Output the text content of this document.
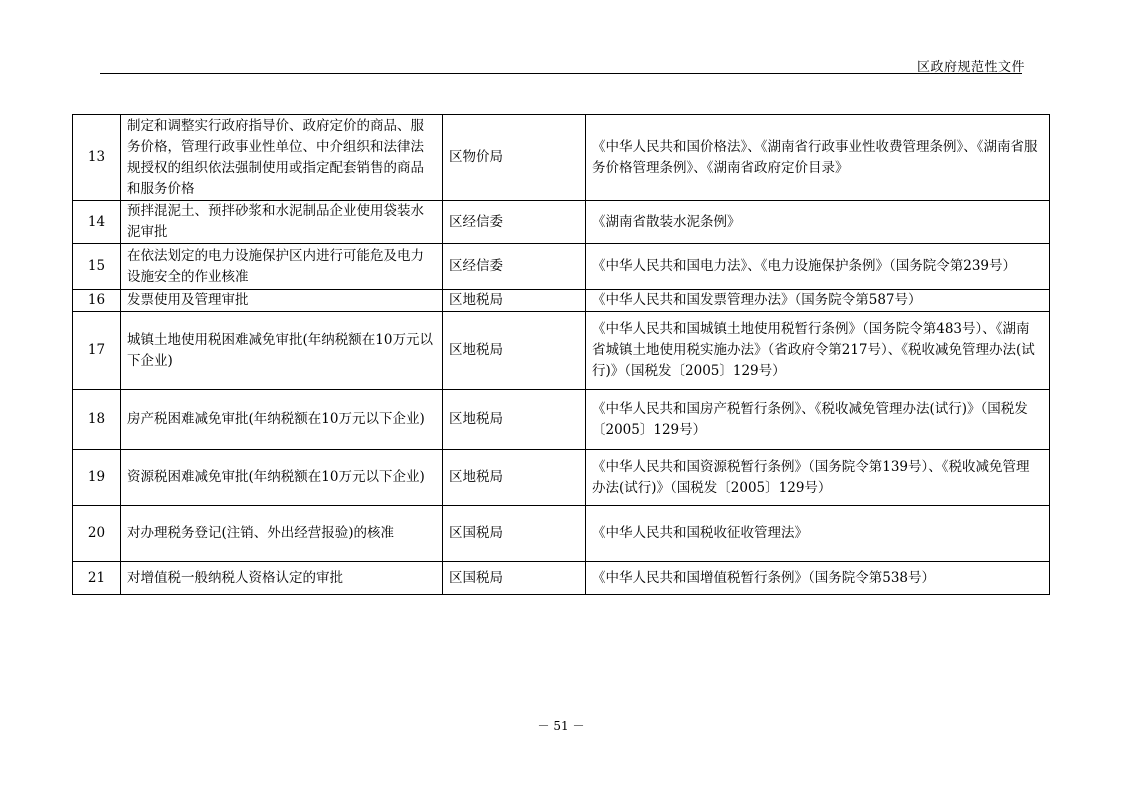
区政府规范性文件
13	制定和调整实行政府指导价、政府定价的商品、服务价格，管理行政事业性单位、中介组织和法律法规授权的组织依法强制使用或指定配套销售的商品和服务价格	区物价局	《中华人民共和国价格法》、《湖南省行政事业性收费管理条例》、《湖南省服务价格管理条例》、《湖南省政府定价目录》
14	预拌混泥土、预拌砂浆和水泥制品企业使用袋装水泥审批	区经信委	《湖南省散装水泥条例》
15	在依法划定的电力设施保护区内进行可能危及电力设施安全的作业核准	区经信委	《中华人民共和国电力法》、《电力设施保护条例》（国务院令第239号）
16	发票使用及管理审批	区地税局	《中华人民共和国发票管理办法》（国务院令第587号）
17	城镇土地使用税困难减免审批(年纳税额在10万元以下企业)	区地税局	《中华人民共和国城镇土地使用税暂行条例》（国务院令第483号）、《湖南省城镇土地使用税实施办法》（省政府令第217号）、《税收减免管理办法(试行)》（国税发〔2005〕129号）
18	房产税困难减免审批(年纳税额在10万元以下企业)	区地税局	《中华人民共和国房产税暂行条例》、《税收减免管理办法(试行)》（国税发〔2005〕129号）
19	资源税困难减免审批(年纳税额在10万元以下企业)	区地税局	《中华人民共和国资源税暂行条例》（国务院令第139号）、《税收减免管理办法(试行)》（国税发〔2005〕129号）
20	对办理税务登记(注销、外出经营报验)的核准	区国税局	《中华人民共和国税收征收管理法》
21	对增值税一般纳税人资格认定的审批	区国税局	《中华人民共和国增值税暂行条例》（国务院令第538号）
－ 51 －
